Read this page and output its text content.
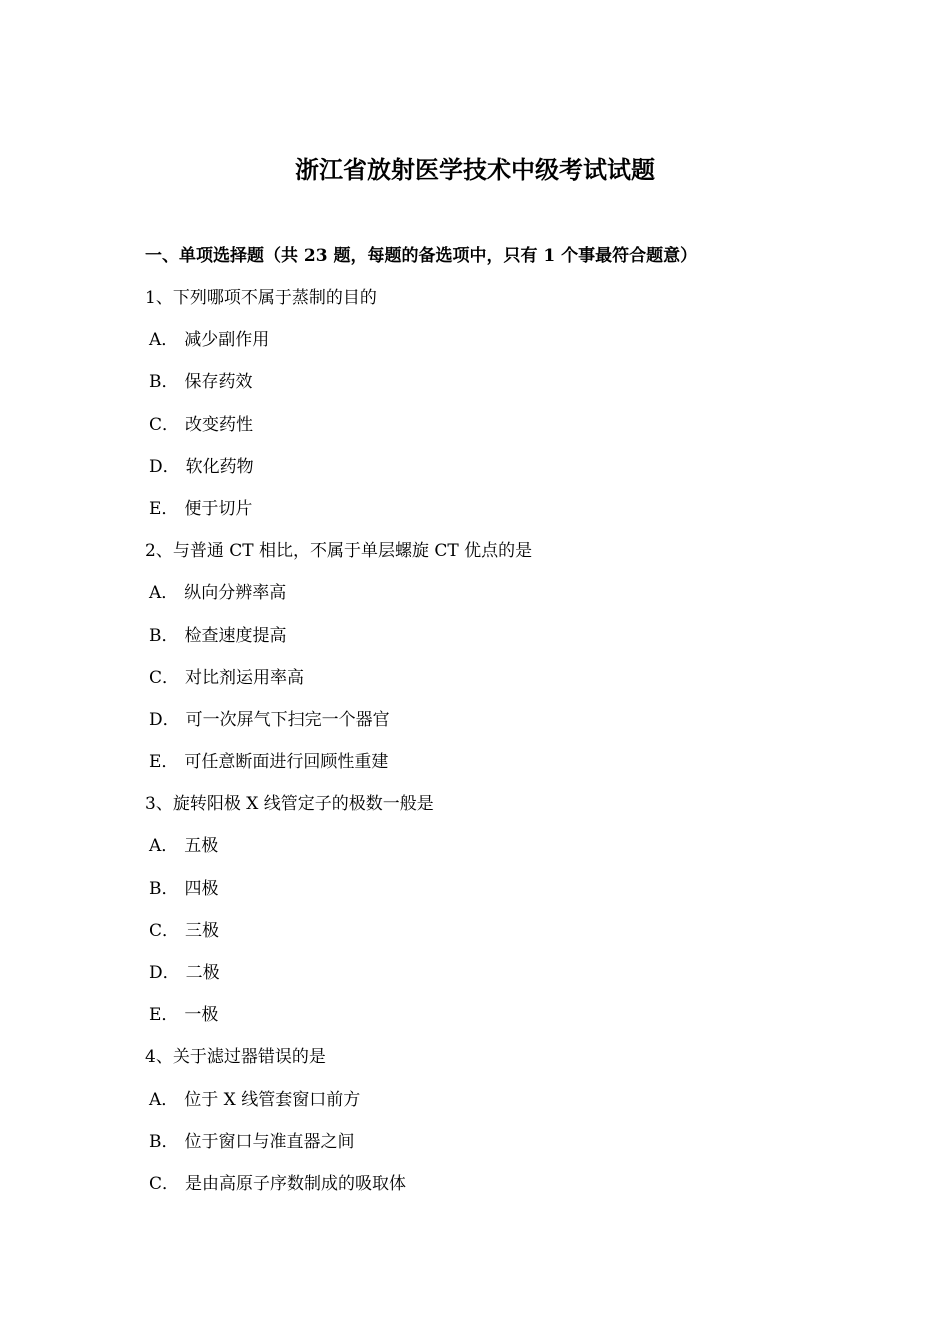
浙江省放射医学技术中级考试试题
一、单项选择题（共 23 题，每题的备选项中，只有 1 个事最符合题意）
1、下列哪项不属于蒸制的目的
A． 减少副作用
B． 保存药效
C． 改变药性
D． 软化药物
E． 便于切片
2、与普通 CT 相比，不属于单层螺旋 CT 优点的是
A． 纵向分辨率高
B． 检查速度提高
C． 对比剂运用率高
D． 可一次屏气下扫完一个器官
E． 可任意断面进行回顾性重建
3、旋转阳极 X 线管定子的极数一般是
A． 五极
B． 四极
C． 三极
D． 二极
E． 一极
4、关于滤过器错误的是
A． 位于 X 线管套窗口前方
B． 位于窗口与准直器之间
C． 是由高原子序数制成的吸取体
